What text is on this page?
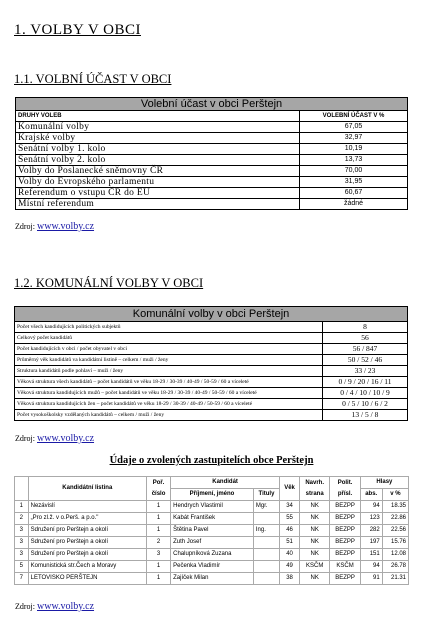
1. VOLBY V OBCI
1.1. VOLBNÍ ÚČAST V OBCI
Volební účast v obci Perštejn	
DRUHY VOLEB	VOLEBNÍ ÚČAST V %
Komunální volby	67,05
Krajské volby	32,97
Senátní volby 1. kolo	10,19
Senátní volby 2. kolo	13,73
Volby do Poslanecké sněmovny ČR	70,00
Volby do Evropského parlamentu	31,95
Referendum o vstupu ČR do EU	60,67
Místní referendum	žádné
Zdroj: www.volby.cz
1.2. KOMUNÁLNÍ VOLBY V OBCI
Komunální volby v obci Perštejn	
Počet všech kandidujících politických subjektů	8
Celkový počet kandidátů	56
Počet kandidujících v obci / počet obyvatel v obci	56 / 847
Průměrný věk kandidátů va kandidátní listině – celkem / muži / ženy	50 / 52 / 46
Struktura kandidátů podle pohlaví – muži / ženy	33 / 23
Věková struktura všech kandidátů – počet kandidátů ve věku 18-29 / 30-39 / 40-49 / 50-59 / 60 a víceleté	0 / 9 / 20 / 16 / 11
Věková struktura kandidujících mužů – počet kandidátů ve věku 18-29 / 30-39 / 40-49 / 50-59 / 60 a víceleté	0 / 4 / 10 / 10 / 9
Věková struktura kandidujících žen – počet kandidátů ve věku 18-29 / 30-39 / 40-49 / 50-59 / 60 a víceleté	0 / 5 / 10 / 6 / 2
Počet vysokoškolsky vzdělaných kandidátů – celkem / muži / ženy	13 / 5 / 8
Zdroj: www.volby.cz
Údaje o zvolených zastupitelích obce Perštejn
	Kandidátní listina	Poř. číslo	Kandidát		Věk	Navrh. strana	Polit. přísl.	Hlasy	
			Příjmení, jméno	Tituly				abs.	v %
1	Nezávislí	1	Hendrych Vlastimil	Mgr.	34	NK	BEZPP	94	18.35
2	„Pro zl.ž. v o.Perš. a p.o."	1	Kabát František		55	NK	BEZPP	123	22.86
3	Sdružení pro Perštejn a okolí	1	Štětina Pavel	Ing.	46	NK	BEZPP	282	22.56
3	Sdružení pro Perštejn a okolí	2	Zuth Josef		51	NK	BEZPP	197	15.76
3	Sdružení pro Perštejn a okolí	3	Chalupníková Zuzana		40	NK	BEZPP	151	12.08
5	Komunistická str.Čech a Moravy	1	Pečenka Vladimír		49	KSČM	KSČM	94	26.78
7	LETOVISKO PERŠTEJN	1	Zajíček Milan		38	NK	BEZPP	91	21.31
Zdroj: www.volby.cz
